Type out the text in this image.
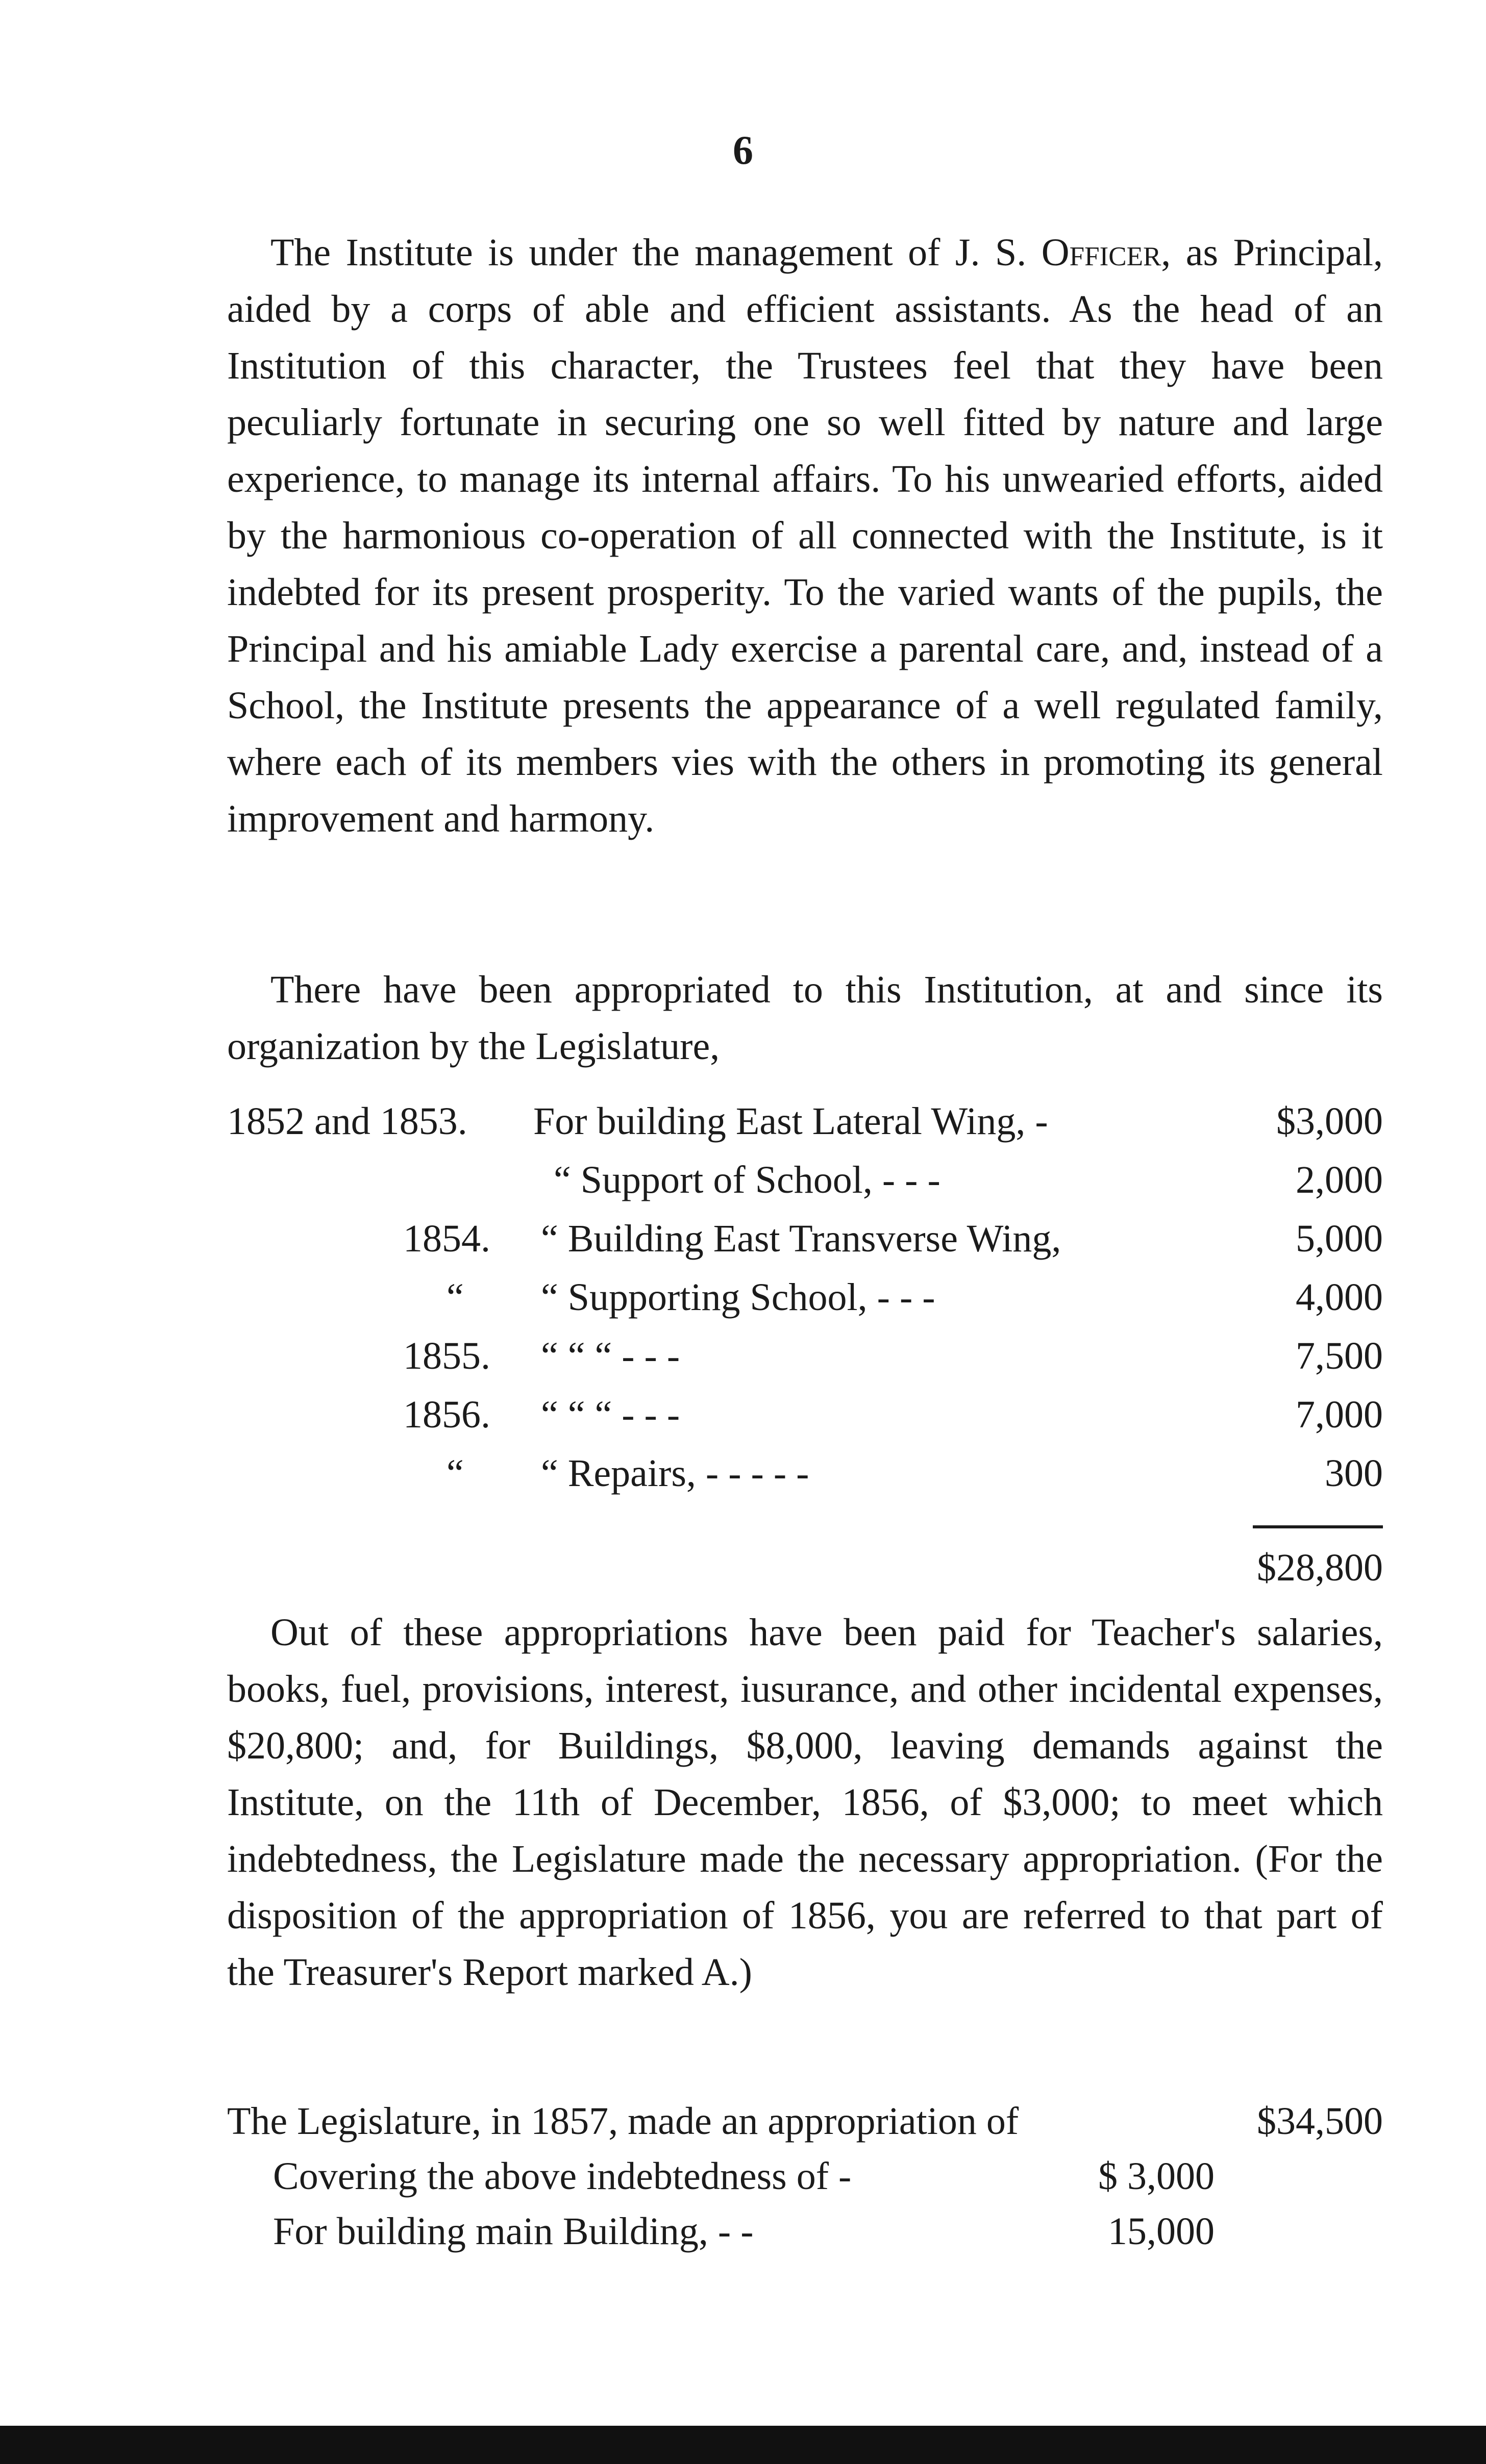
6

The Institute is under the management of J. S. Officer, as Principal, aided by a corps of able and efficient assistants. As the head of an Institution of this character, the Trustees feel that they have been peculiarly fortunate in securing one so well fitted by nature and large experience, to manage its internal affairs. To his unwearied efforts, aided by the harmonious co-operation of all connected with the Institute, is it indebted for its present prosperity. To the varied wants of the pupils, the Principal and his amiable Lady exercise a parental care, and, instead of a School, the Institute presents the appearance of a well regulated family, where each of its members vies with the others in promoting its general improvement and harmony.

There have been appropriated to this Institution, at and since its organization by the Legislature,

1852 and 1853. For building East Lateral Wing, -	$3,000
“ Support of School, - - -	2,000
1854. “ Building East Transverse Wing,	5,000
“ “ Supporting School, - - -	4,000
1855. “ “ “ - - -	7,500
1856. “ “ “ - - -	7,000
“ “ Repairs, - - - - -	300
$28,800

Out of these appropriations have been paid for Teacher's salaries, books, fuel, provisions, interest, iusurance, and other incidental expenses, $20,800; and, for Buildings, $8,000, leaving demands against the Institute, on the 11th of December, 1856, of $3,000; to meet which indebtedness, the Legislature made the necessary appropriation. (For the disposition of the appropriation of 1856, you are referred to that part of the Treasurer's Report marked A.)

The Legislature, in 1857, made an appropriation of	$34,500
Covering the above indebtedness of -	$ 3,000
For building main Building, - -	15,000
